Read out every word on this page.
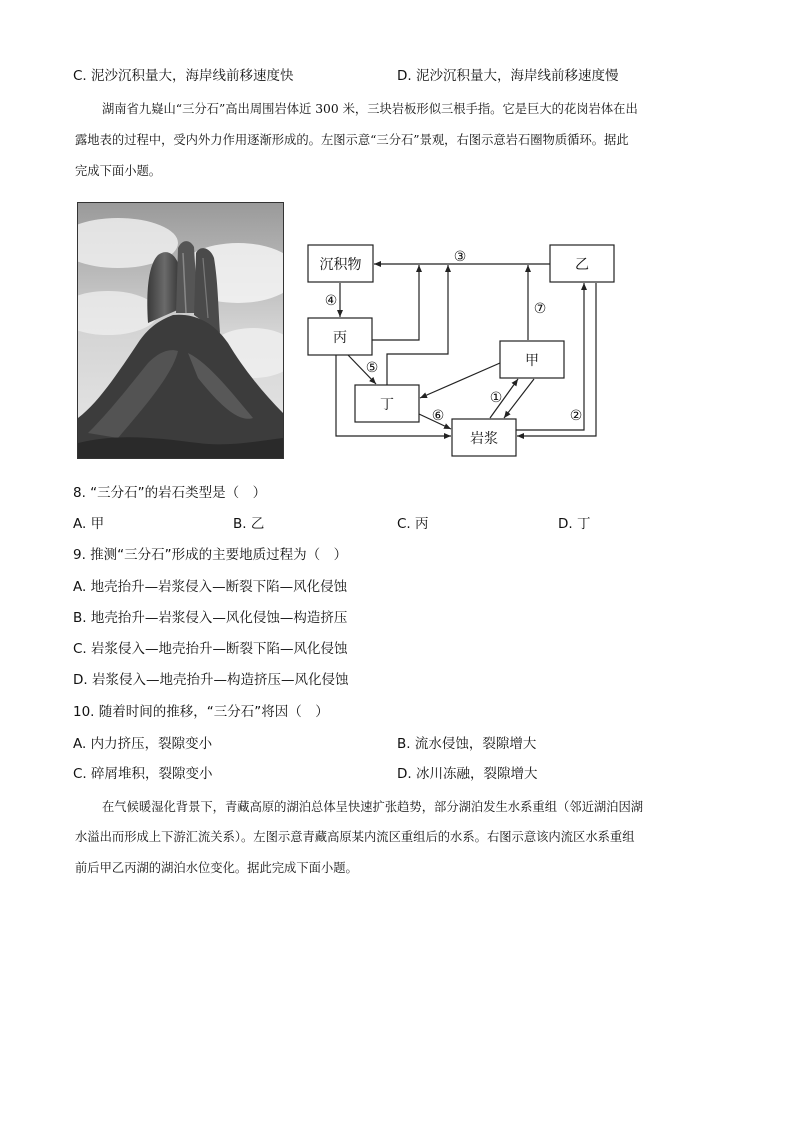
C. 泥沙沉积量大，海岸线前移速度快	D. 泥沙沉积量大，海岸线前移速度慢
湖南省九嶷山“三分石”高出周围岩体近 300 米，三块岩板形似三根手指。它是巨大的花岗岩体在出
露地表的过程中，受内外力作用逐渐形成的。左图示意“三分石”景观，右图示意岩石圈物质循环。据此
完成下面小题。
沉积物	乙
丙
甲
丁
岩浆
③
④	⑦
⑤
①
⑥	②
8. “三分石”的岩石类型是（　）
A. 甲	B. 乙	C. 丙	D. 丁
9. 推测“三分石”形成的主要地质过程为（　）
A. 地壳抬升—岩浆侵入—断裂下陷—风化侵蚀
B. 地壳抬升—岩浆侵入—风化侵蚀—构造挤压
C. 岩浆侵入—地壳抬升—断裂下陷—风化侵蚀
D. 岩浆侵入—地壳抬升—构造挤压—风化侵蚀
10. 随着时间的推移，“三分石”将因（　）
A. 内力挤压，裂隙变小	B. 流水侵蚀，裂隙增大
C. 碎屑堆积，裂隙变小	D. 冰川冻融，裂隙增大
在气候暖湿化背景下，青藏高原的湖泊总体呈快速扩张趋势，部分湖泊发生水系重组（邻近湖泊因湖
水溢出而形成上下游汇流关系）。左图示意青藏高原某内流区重组后的水系。右图示意该内流区水系重组
前后甲乙丙湖的湖泊水位变化。据此完成下面小题。
